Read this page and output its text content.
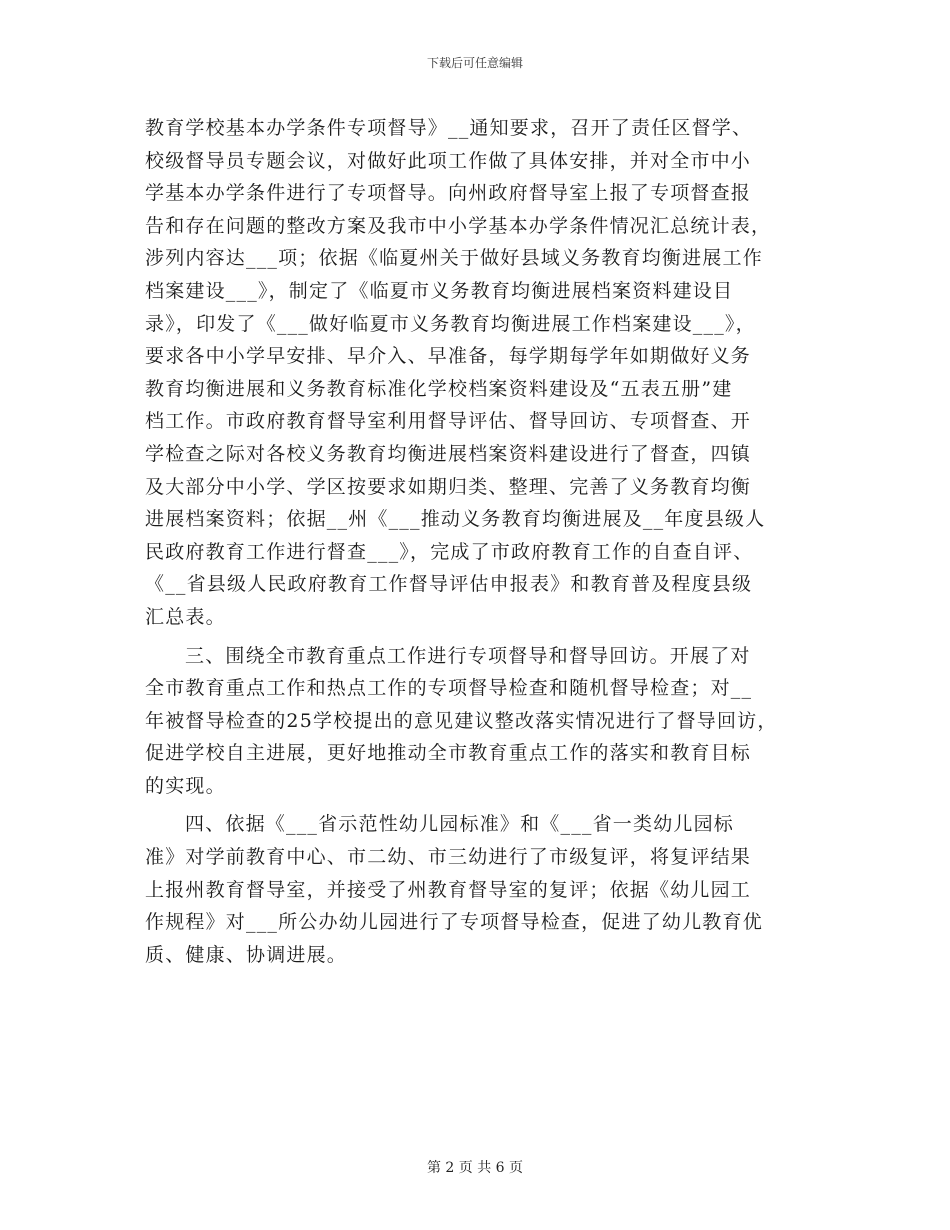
下载后可任意编辑
教育学校基本办学条件专项督导》__通知要求，召开了责任区督学、
校级督导员专题会议，对做好此项工作做了具体安排，并对全市中小
学基本办学条件进行了专项督导。向州政府督导室上报了专项督查报
告和存在问题的整改方案及我市中小学基本办学条件情况汇总统计表，
涉列内容达___项；依据《临夏州关于做好县域义务教育均衡进展工作
档案建设___》，制定了《临夏市义务教育均衡进展档案资料建设目
录》，印发了《___做好临夏市义务教育均衡进展工作档案建设___》，
要求各中小学早安排、早介入、早准备，每学期每学年如期做好义务
教育均衡进展和义务教育标准化学校档案资料建设及“五表五册”建
档工作。市政府教育督导室利用督导评估、督导回访、专项督查、开
学检查之际对各校义务教育均衡进展档案资料建设进行了督查，四镇
及大部分中小学、学区按要求如期归类、整理、完善了义务教育均衡
进展档案资料；依据__州《___推动义务教育均衡进展及__年度县级人
民政府教育工作进行督查___》，完成了市政府教育工作的自查自评、
《__省县级人民政府教育工作督导评估申报表》和教育普及程度县级
汇总表。
三、围绕全市教育重点工作进行专项督导和督导回访。开展了对
全市教育重点工作和热点工作的专项督导检查和随机督导检查；对__
年被督导检查的25学校提出的意见建议整改落实情况进行了督导回访，
促进学校自主进展，更好地推动全市教育重点工作的落实和教育目标
的实现。
四、依据《___省示范性幼儿园标准》和《___省一类幼儿园标
准》对学前教育中心、市二幼、市三幼进行了市级复评，将复评结果
上报州教育督导室，并接受了州教育督导室的复评；依据《幼儿园工
作规程》对___所公办幼儿园进行了专项督导检查，促进了幼儿教育优
质、健康、协调进展。
第 2 页 共 6 页
